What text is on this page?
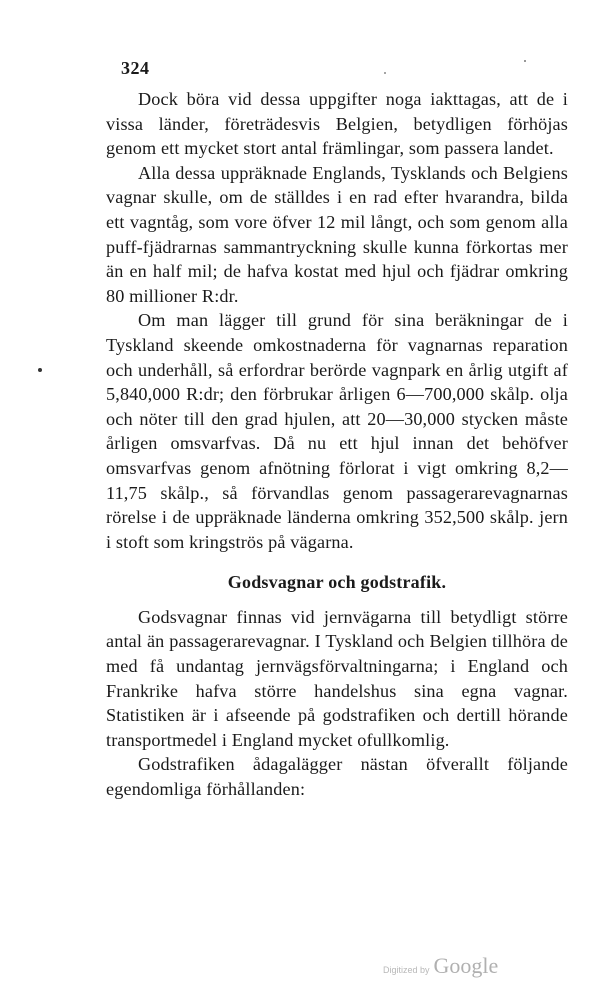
324

Dock böra vid dessa uppgifter noga iakttagas, att de i vissa länder, företrädesvis Belgien, betydligen förhöjas genom ett mycket stort antal främlingar, som passera landet.

Alla dessa uppräknade Englands, Tysklands och Belgiens vagnar skulle, om de ställdes i en rad efter hvarandra, bilda ett vagntåg, som vore öfver 12 mil långt, och som genom alla puff-fjädrarnas sammantryckning skulle kunna förkortas mer än en half mil; de hafva kostat med hjul och fjädrar omkring 80 millioner R:dr.

Om man lägger till grund för sina beräkningar de i Tyskland skeende omkostnaderna för vagnarnas reparation och underhåll, så erfordrar berörde vagnpark en årlig utgift af 5,840,000 R:dr; den förbrukar årligen 6—700,000 skålp. olja och nöter till den grad hjulen, att 20—30,000 stycken måste årligen omsvarfvas. Då nu ett hjul innan det behöfver omsvarfvas genom afnötning förlorat i vigt omkring 8,2—11,75 skålp., så förvandlas genom passagerarevagnarnas rörelse i de uppräknade länderna omkring 352,500 skålp. jern i stoft som kringströs på vägarna.

Godsvagnar och godstrafik.

Godsvagnar finnas vid jernvägarna till betydligt större antal än passagerarevagnar. I Tyskland och Belgien tillhöra de med få undantag jernvägsförvaltningarna; i England och Frankrike hafva större handelshus sina egna vagnar. Statistiken är i afseende på godstrafiken och dertill hörande transportmedel i England mycket ofullkomlig.

Godstrafiken ådagalägger nästan öfverallt följande egendomliga förhållanden:

Digitized by Google
